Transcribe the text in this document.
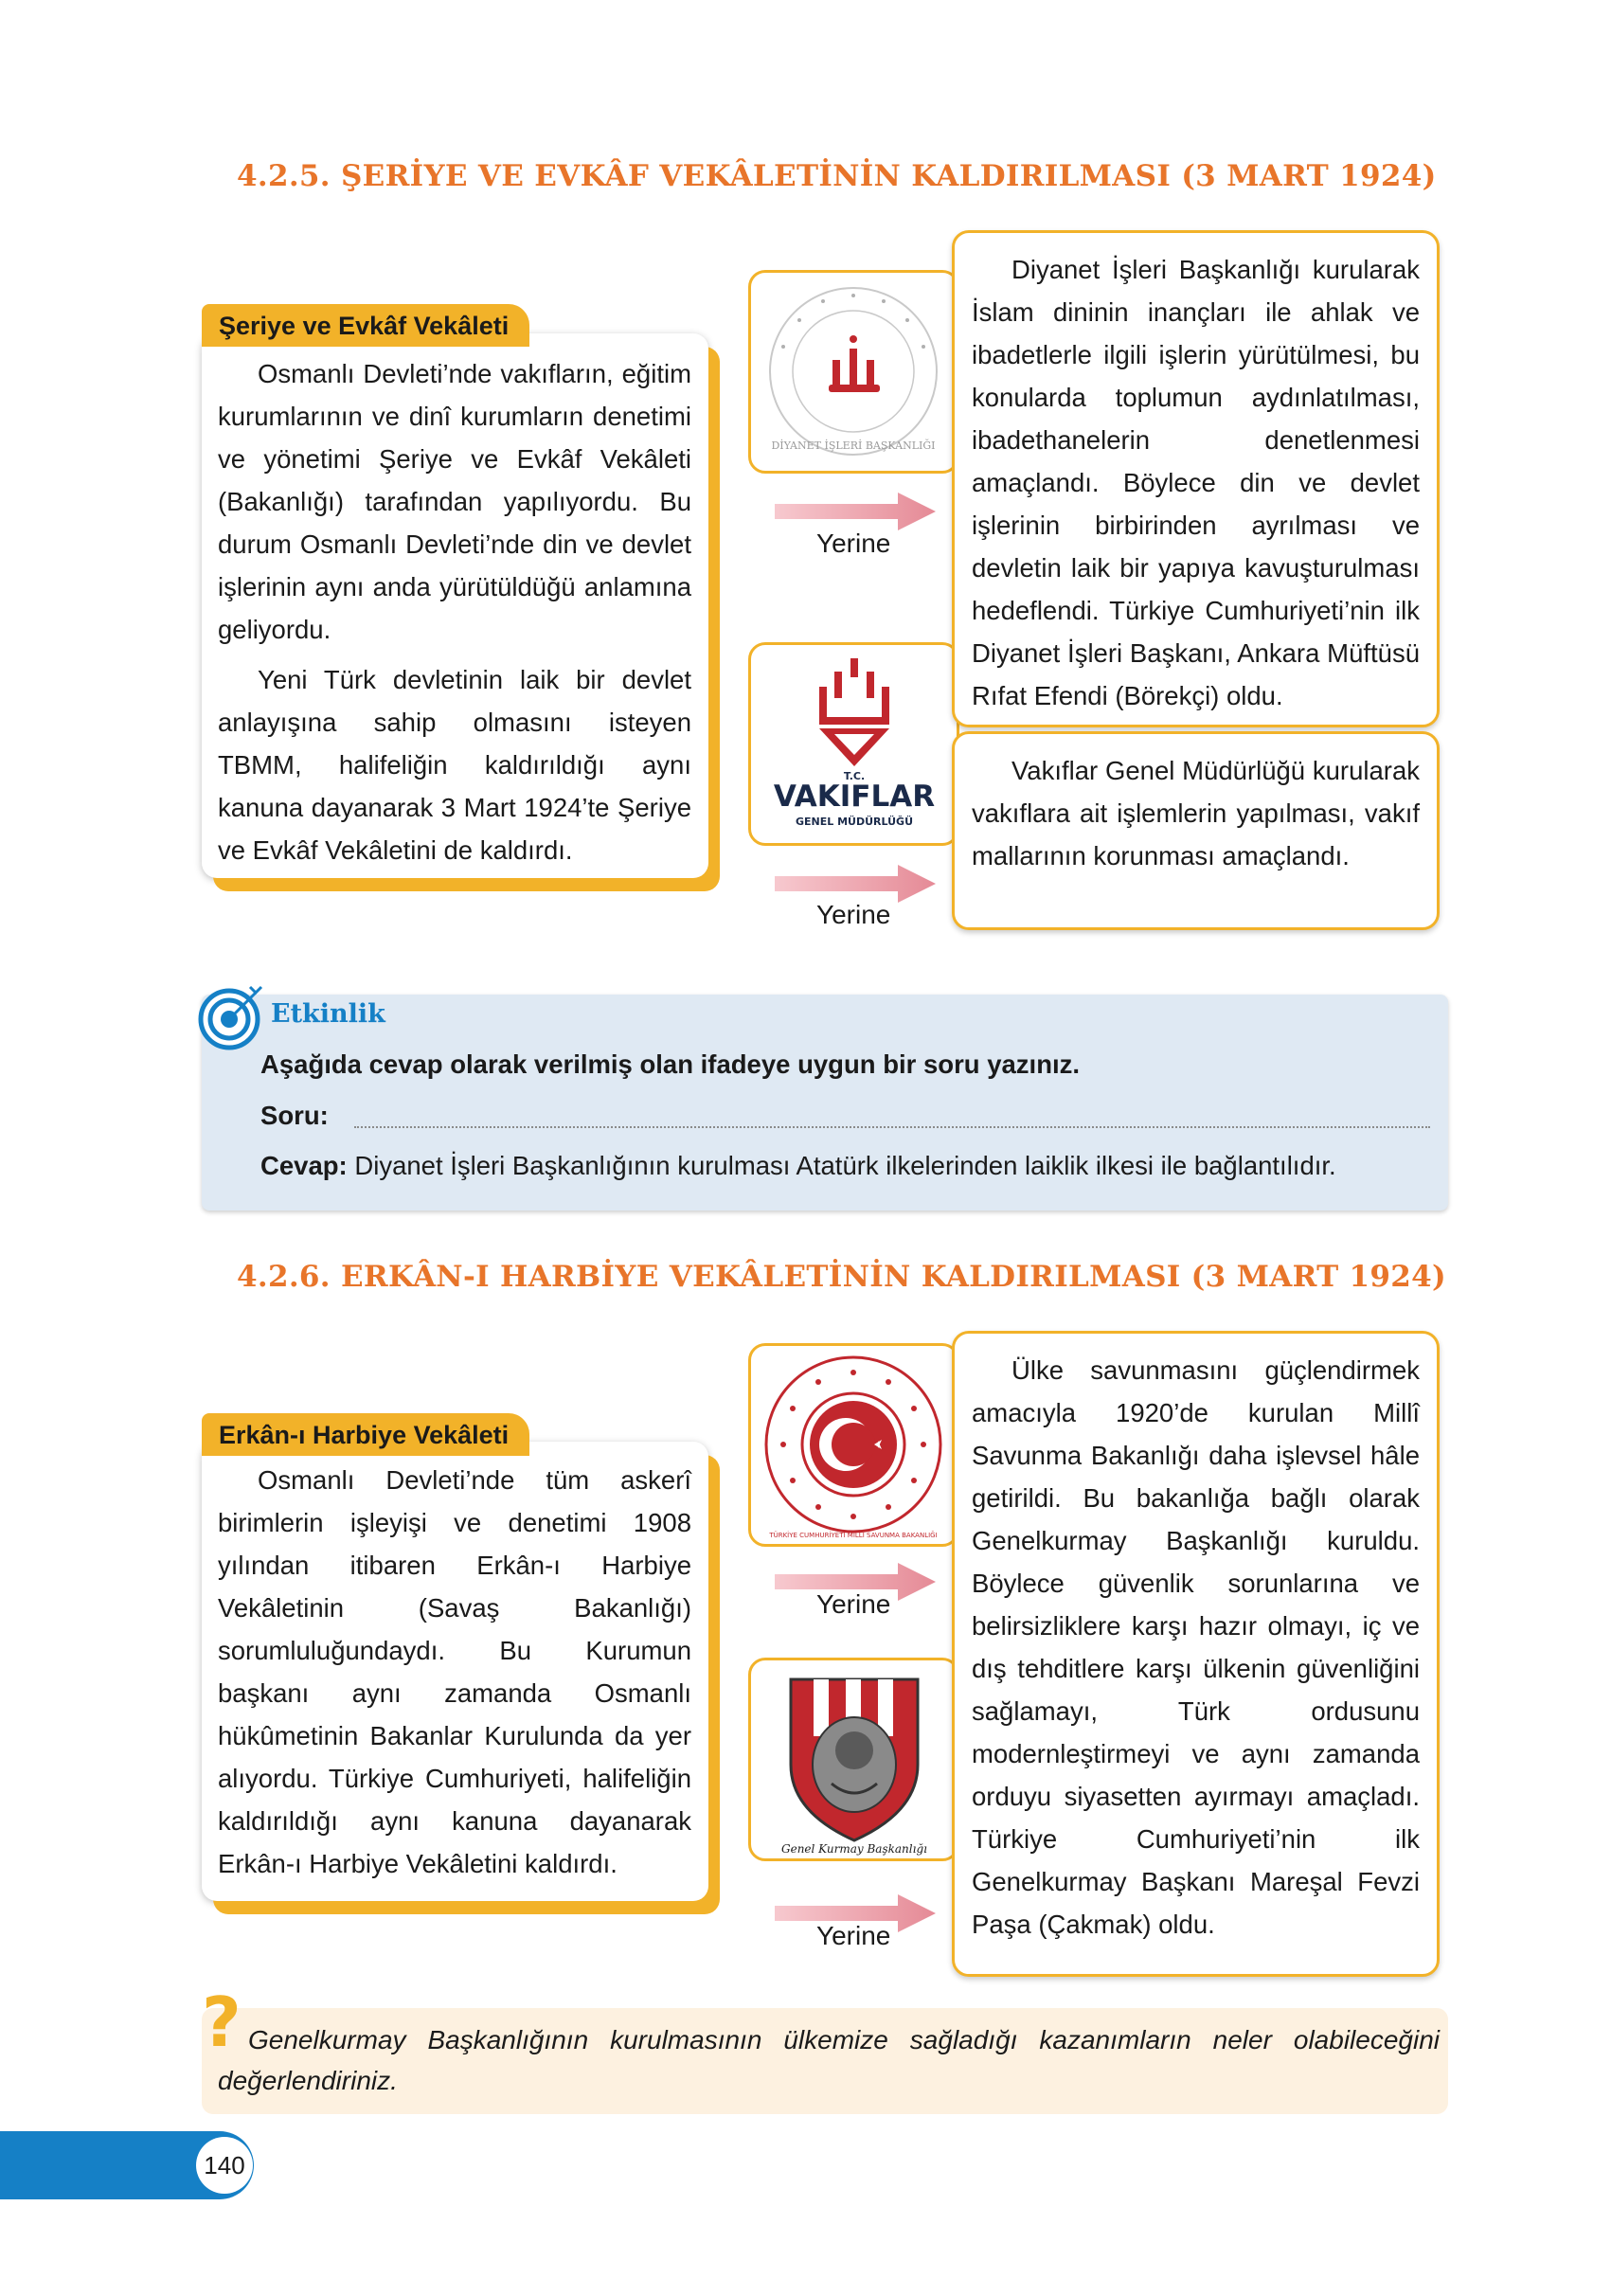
4.2.5. ŞERİYE VE EVKÂF VEKÂLETİNİN KALDIRILMASI (3 MART 1924)

Osmanlı Devleti’nde vakıfların, eğitim kurumlarının ve dinî kurumların denetimi ve yönetimi Şeriye ve Evkâf Vekâleti (Bakanlığı) tarafından yapılıyordu. Bu durum Osmanlı Devleti’nde din ve devlet işlerinin aynı anda yürütüldüğü anlamına geliyordu.

Yeni Türk devletinin laik bir devlet anlayışına sahip olmasını isteyen TBMM, halifeliğin kaldırıldığı aynı kanuna dayanarak 3 Mart 1924’te Şeriye ve Evkâf Vekâletini de kaldırdı.

Şeriye ve Evkâf Vekâleti
DİYANET İŞLERİ BAŞKANLIĞI
Yerine
T.C.
VAKIFLAR
GENEL MÜDÜRLÜĞÜ
Yerine

Diyanet İşleri Başkanlığı kurularak İslam dininin inançları ile ahlak ve ibadetlerle ilgili işlerin yürütülmesi, bu konularda toplumun aydınlatılması, ibadethanelerin denetlenmesi amaçlandı. Böylece din ve devlet işlerinin birbirinden ayrılması ve devletin laik bir yapıya kavuşturulması hedeflendi. Türkiye Cumhuriyeti’nin ilk Diyanet İşleri Başkanı, Ankara Müftüsü Rıfat Efendi (Börekçi) oldu.

Vakıflar Genel Müdürlüğü kurularak vakıflara ait işlemlerin yapılması, vakıf mallarının korunması amaçlandı.

Etkinlik
Aşağıda cevap olarak verilmiş olan ifadeye uygun bir soru yazınız.
Soru:
Cevap: Diyanet İşleri Başkanlığının kurulması Atatürk ilkelerinden laiklik ilkesi ile bağlantılıdır.
4.2.6. ERKÂN-I HARBİYE VEKÂLETİNİN KALDIRILMASI (3 MART 1924)

Osmanlı Devleti’nde tüm askerî birimlerin işleyişi ve denetimi 1908 yılından itibaren Erkân-ı Harbiye Vekâletinin (Savaş Bakanlığı) sorumluluğundaydı. Bu Kurumun başkanı aynı zamanda Osmanlı hükûmetinin Bakanlar Kurulunda da yer alıyordu. Türkiye Cumhuriyeti, halifeliğin kaldırıldığı aynı kanuna dayanarak Erkân-ı Harbiye Vekâletini kaldırdı.

Erkân-ı Harbiye Vekâleti
TÜRKİYE CUMHURİYETİ MİLLÎ SAVUNMA BAKANLIĞI
Yerine
Genel Kurmay Başkanlığı
Yerine

Ülke savunmasını güçlendirmek amacıyla 1920’de kurulan Millî Savunma Bakanlığı daha işlevsel hâle getirildi. Bu bakanlığa bağlı olarak Genelkurmay Başkanlığı kuruldu. Böylece güvenlik sorunlarına ve belirsizliklere karşı hazır olmayı, iç ve dış tehditlere karşı ülkenin güvenliğini sağlamayı, Türk ordusunu modernleştirmeyi ve aynı zamanda orduyu siyasetten ayırmayı amaçladı. Türkiye Cumhuriyeti’nin ilk Genelkurmay Başkanı Mareşal Fevzi Paşa (Çakmak) oldu.

? Genelkurmay Başkanlığının kurulmasının ülkemize sağladığı kazanımların neler olabileceğini değerlendiriniz.
140
